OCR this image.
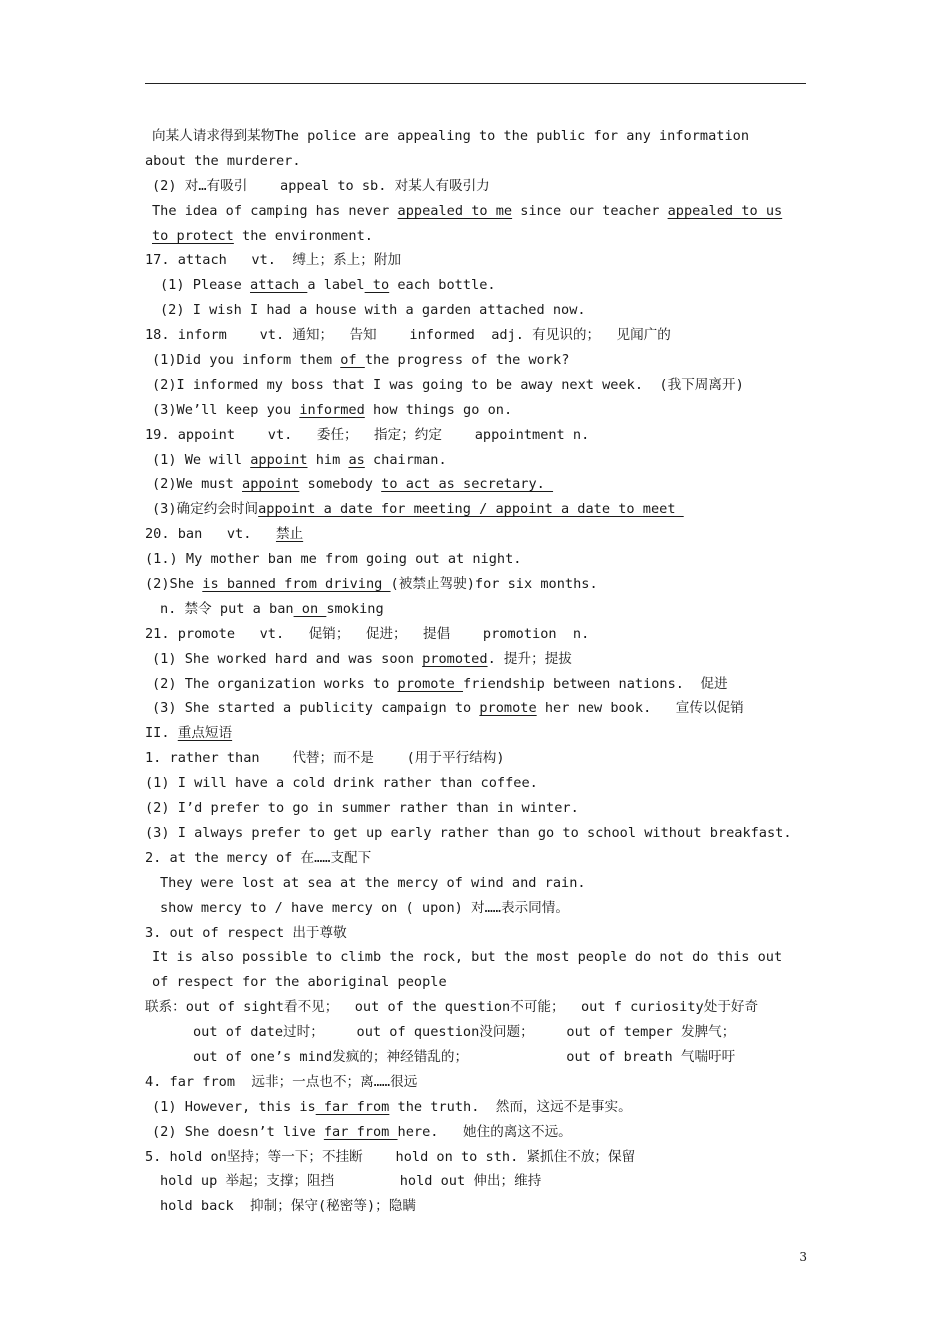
向某人请求得到某物The police are appealing to the public for any information
about the murderer.
(2) 对…有吸引    appeal to sb. 对某人有吸引力
The idea of camping has never appealed to me since our teacher appealed to us
to protect the environment.
17. attach   vt.  缚上；系上；附加
(1) Please attach a label to each bottle.
(2) I wish I had a house with a garden attached now.
18. inform    vt. 通知；  告知    informed  adj. 有见识的；  见闻广的
(1)Did you inform them of the progress of the work?
(2)I informed my boss that I was going to be away next week.  (我下周离开)
(3)We’ll keep you informed how things go on.
19. appoint    vt.   委任；  指定；约定    appointment n.
(1) We will appoint him as chairman.
(2)We must appoint somebody to act as secretary.
(3)确定约会时间appoint a date for meeting / appoint a date to meet
20. ban   vt.   禁止
(1.) My mother ban me from going out at night.
(2)She is banned from driving (被禁止驾驶)for six months.
n. 禁令 put a ban on smoking
21. promote   vt.   促销；  促进；  提倡    promotion  n.
(1) She worked hard and was soon promoted. 提升；提拔
(2) The organization works to promote friendship between nations.  促进
(3) She started a publicity campaign to promote her new book.   宣传以促销
II. 重点短语
1. rather than    代替；而不是    (用于平行结构)
(1) I will have a cold drink rather than coffee.
(2) I’d prefer to go in summer rather than in winter.
(3) I always prefer to get up early rather than go to school without breakfast.
2. at the mercy of 在……支配下
They were lost at sea at the mercy of wind and rain.
show mercy to / have mercy on ( upon) 对……表示同情。
3. out of respect 出于尊敬
It is also possible to climb the rock, but the most people do not do this out
of respect for the aboriginal people
联系：out of sight看不见；  out of the question不可能；  out f curiosity处于好奇
out of date过时；    out of question没问题；    out of temper 发脾气；
out of one’s mind发疯的；神经错乱的；            out of breath 气喘吁吁
4. far from  远非；一点也不；离……很远
(1) However, this is far from the truth.  然而，这远不是事实。
(2) She doesn’t live far from here.   她住的离这不远。
5. hold on坚持；等一下；不挂断    hold on to sth. 紧抓住不放；保留
hold up 举起；支撑；阻挡        hold out 伸出；维持
hold back  抑制；保守(秘密等)；隐瞒
3
